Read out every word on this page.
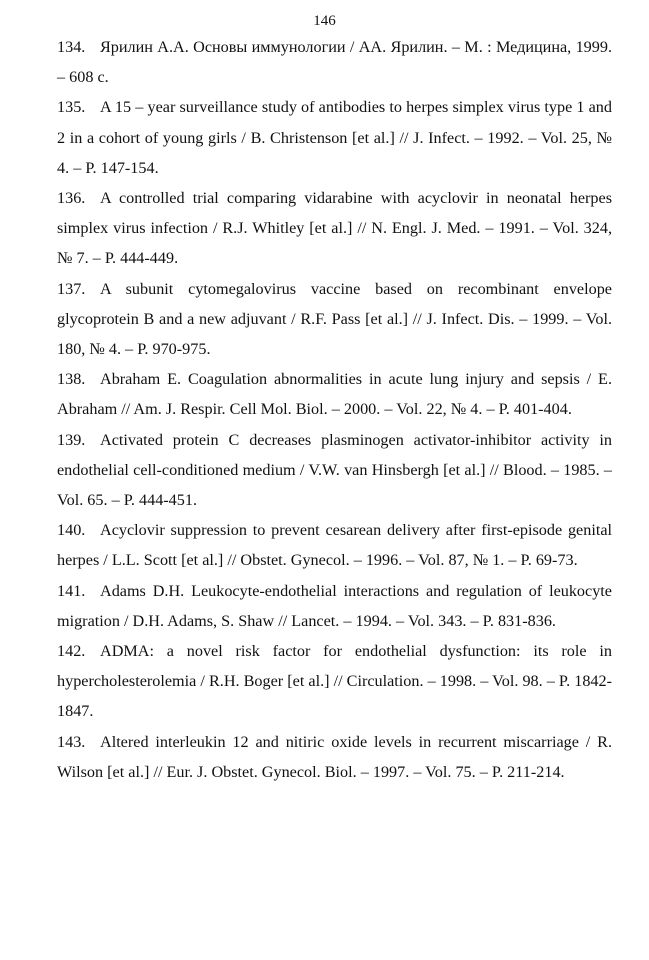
146

134. Ярилин А.А. Основы иммунологии / АА. Ярилин. – М. : Медицина, 1999. – 608 с.

135. A 15 – year surveillance study of antibodies to herpes simplex virus type 1 and 2 in a cohort of young girls / B. Christenson [et al.] // J. Infect. – 1992. – Vol. 25, № 4. – P. 147-154.

136. A controlled trial comparing vidarabine with acyclovir in neonatal herpes simplex virus infection / R.J. Whitley [et al.] // N. Engl. J. Med. – 1991. – Vol. 324, № 7. – P. 444-449.

137. A subunit cytomegalovirus vaccine based on recombinant envelope glycoprotein B and a new adjuvant / R.F. Pass [et al.] // J. Infect. Dis. – 1999. – Vol. 180, № 4. – P. 970-975.

138. Abraham E. Coagulation abnormalities in acute lung injury and sepsis / E. Abraham // Am. J. Respir. Cell Mol. Biol. – 2000. – Vol. 22, № 4. – P. 401-404.

139. Activated protein C decreases plasminogen activator-inhibitor activity in endothelial cell-conditioned medium / V.W. van Hinsbergh [et al.] // Blood. – 1985. – Vol. 65. – P. 444-451.

140. Acyclovir suppression to prevent cesarean delivery after first-episode genital herpes / L.L. Scott [et al.] // Obstet. Gynecol. – 1996. – Vol. 87, № 1. – P. 69-73.

141. Adams D.H. Leukocyte-endothelial interactions and regulation of leukocyte migration / D.H. Adams, S. Shaw // Lancet. – 1994. – Vol. 343. – P. 831-836.

142. ADMA: a novel risk factor for endothelial dysfunction: its role in hypercholesterolemia / R.H. Boger [et al.] // Circulation. – 1998. – Vol. 98. – P. 1842-1847.

143. Altered interleukin 12 and nitiric oxide levels in recurrent miscarriage / R. Wilson [et al.] // Eur. J. Obstet. Gynecol. Biol. – 1997. – Vol. 75. – P. 211-214.
